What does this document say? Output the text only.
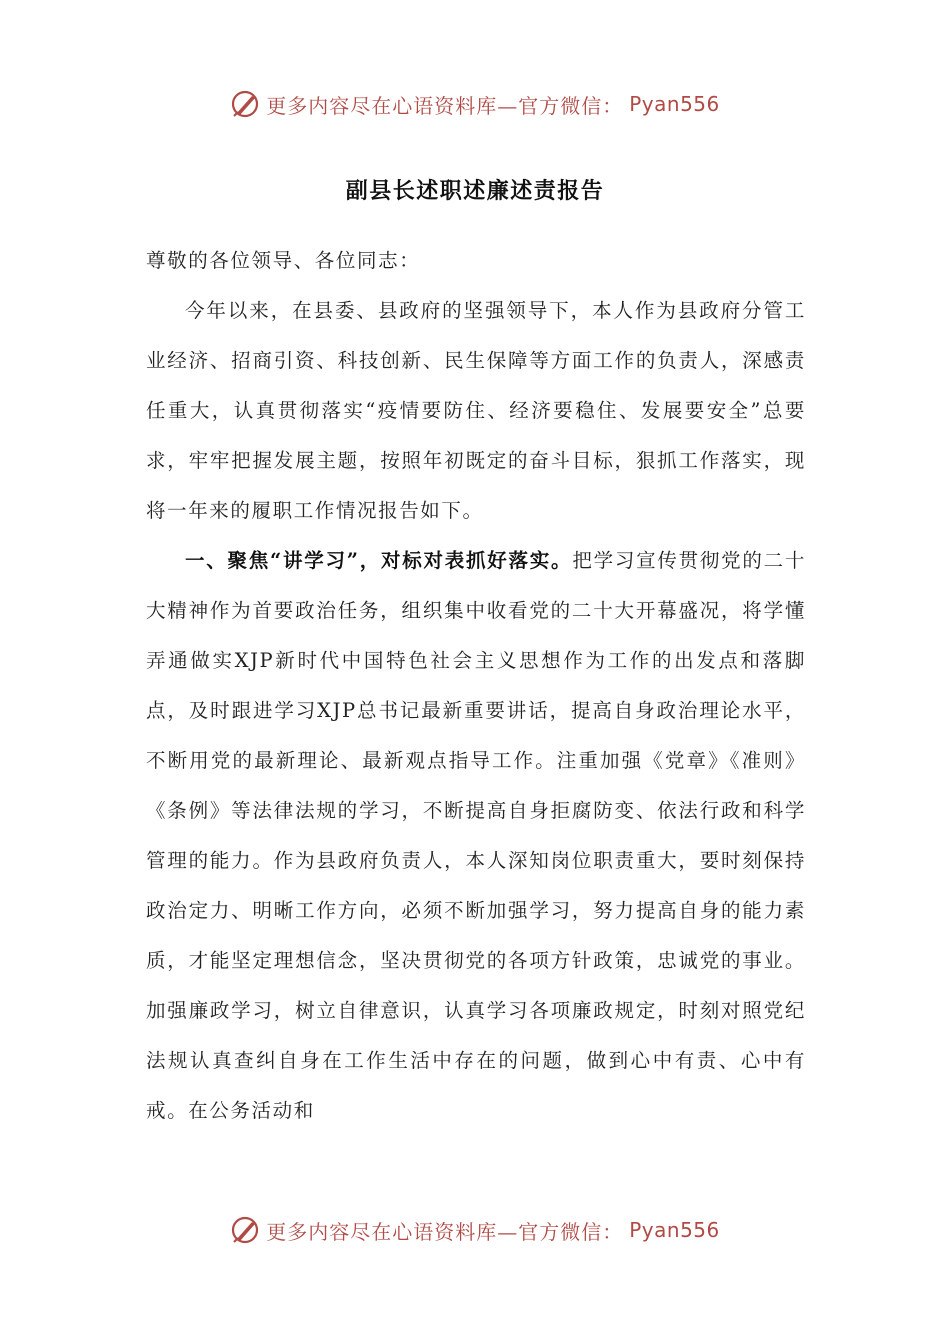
更多内容尽在心语资料库—官方微信： Pyan556
副县长述职述廉述责报告

尊敬的各位领导、各位同志：

今年以来，在县委、县政府的坚强领导下，本人作为县政府分管工业经济、招商引资、科技创新、民生保障等方面工作的负责人，深感责任重大，认真贯彻落实“疫情要防住、经济要稳住、发展要安全”总要求，牢牢把握发展主题，按照年初既定的奋斗目标，狠抓工作落实，现将一年来的履职工作情况报告如下。

一、聚焦“讲学习”，对标对表抓好落实。把学习宣传贯彻党的二十大精神作为首要政治任务，组织集中收看党的二十大开幕盛况，将学懂弄通做实XJP新时代中国特色社会主义思想作为工作的出发点和落脚点，及时跟进学习XJP总书记最新重要讲话，提高自身政治理论水平，不断用党的最新理论、最新观点指导工作。注重加强《党章》《准则》《条例》等法律法规的学习，不断提高自身拒腐防变、依法行政和科学管理的能力。作为县政府负责人，本人深知岗位职责重大，要时刻保持政治定力、明晰工作方向，必须不断加强学习，努力提高自身的能力素质，才能坚定理想信念，坚决贯彻党的各项方针政策，忠诚党的事业。加强廉政学习，树立自律意识，认真学习各项廉政规定，时刻对照党纪法规认真查纠自身在工作生活中存在的问题，做到心中有责、心中有戒。在公务活动和

更多内容尽在心语资料库—官方微信： Pyan556
